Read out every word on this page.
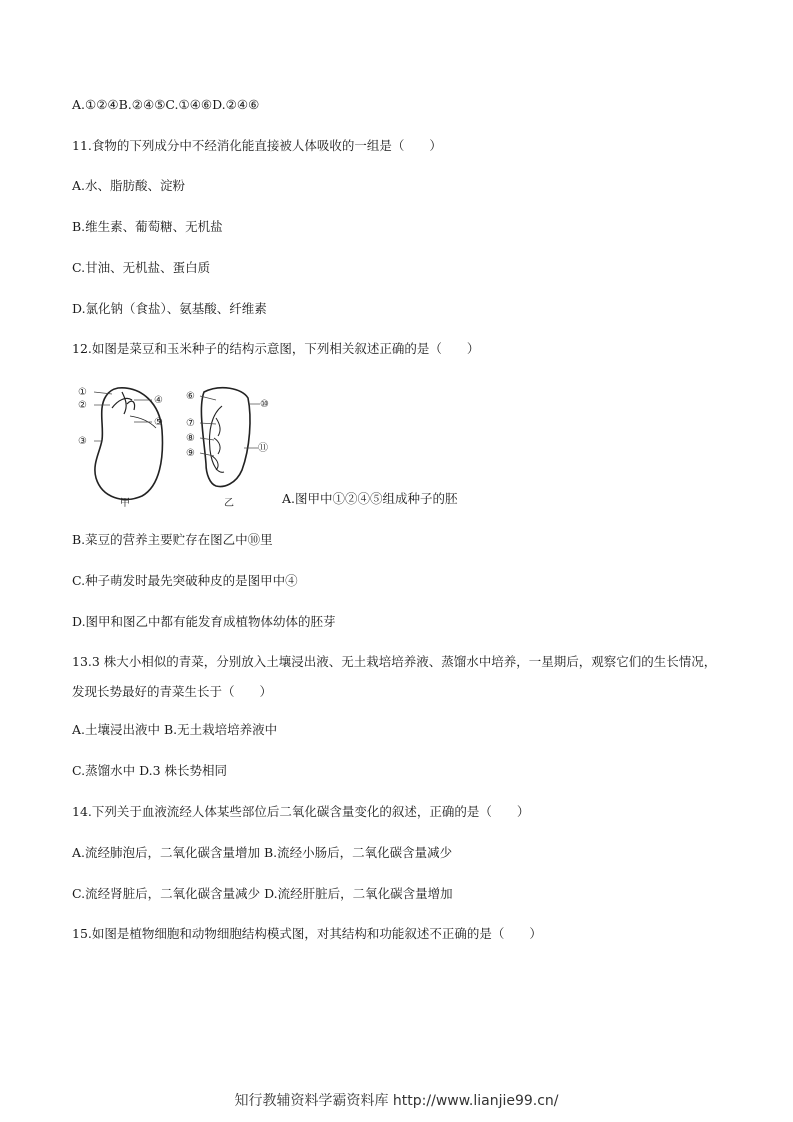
A.①②④B.②④⑤C.①④⑥D.②④⑥
11.食物的下列成分中不经消化能直接被人体吸收的一组是（　　）
A.水、脂肪酸、淀粉
B.维生素、葡萄糖、无机盐
C.甘油、无机盐、蛋白质
D.氯化钠（食盐）、氨基酸、纤维素
12.如图是菜豆和玉米种子的结构示意图，下列相关叙述正确的是（　　）
①
②
③
④
⑤
甲
⑥
⑦
⑧
⑨
⑩
⑪
乙	A.图甲中①②④⑤组成种子的胚
B.菜豆的营养主要贮存在图乙中⑩里
C.种子萌发时最先突破种皮的是图甲中④
D.图甲和图乙中都有能发育成植物体幼体的胚芽
13.3 株大小相似的青菜，分别放入土壤浸出液、无土栽培培养液、蒸馏水中培养，一星期后，观察它们的生长情况，发现长势最好的青菜生长于（　　）
A.土壤浸出液中 B.无土栽培培养液中
C.蒸馏水中 D.3 株长势相同
14.下列关于血液流经人体某些部位后二氧化碳含量变化的叙述，正确的是（　　）
A.流经肺泡后，二氧化碳含量增加 B.流经小肠后，二氧化碳含量减少
C.流经肾脏后，二氧化碳含量减少 D.流经肝脏后，二氧化碳含量增加
15.如图是植物细胞和动物细胞结构模式图，对其结构和功能叙述不正确的是（　　）
知行教辅资料学霸资料库 http://www.lianjie99.cn/
